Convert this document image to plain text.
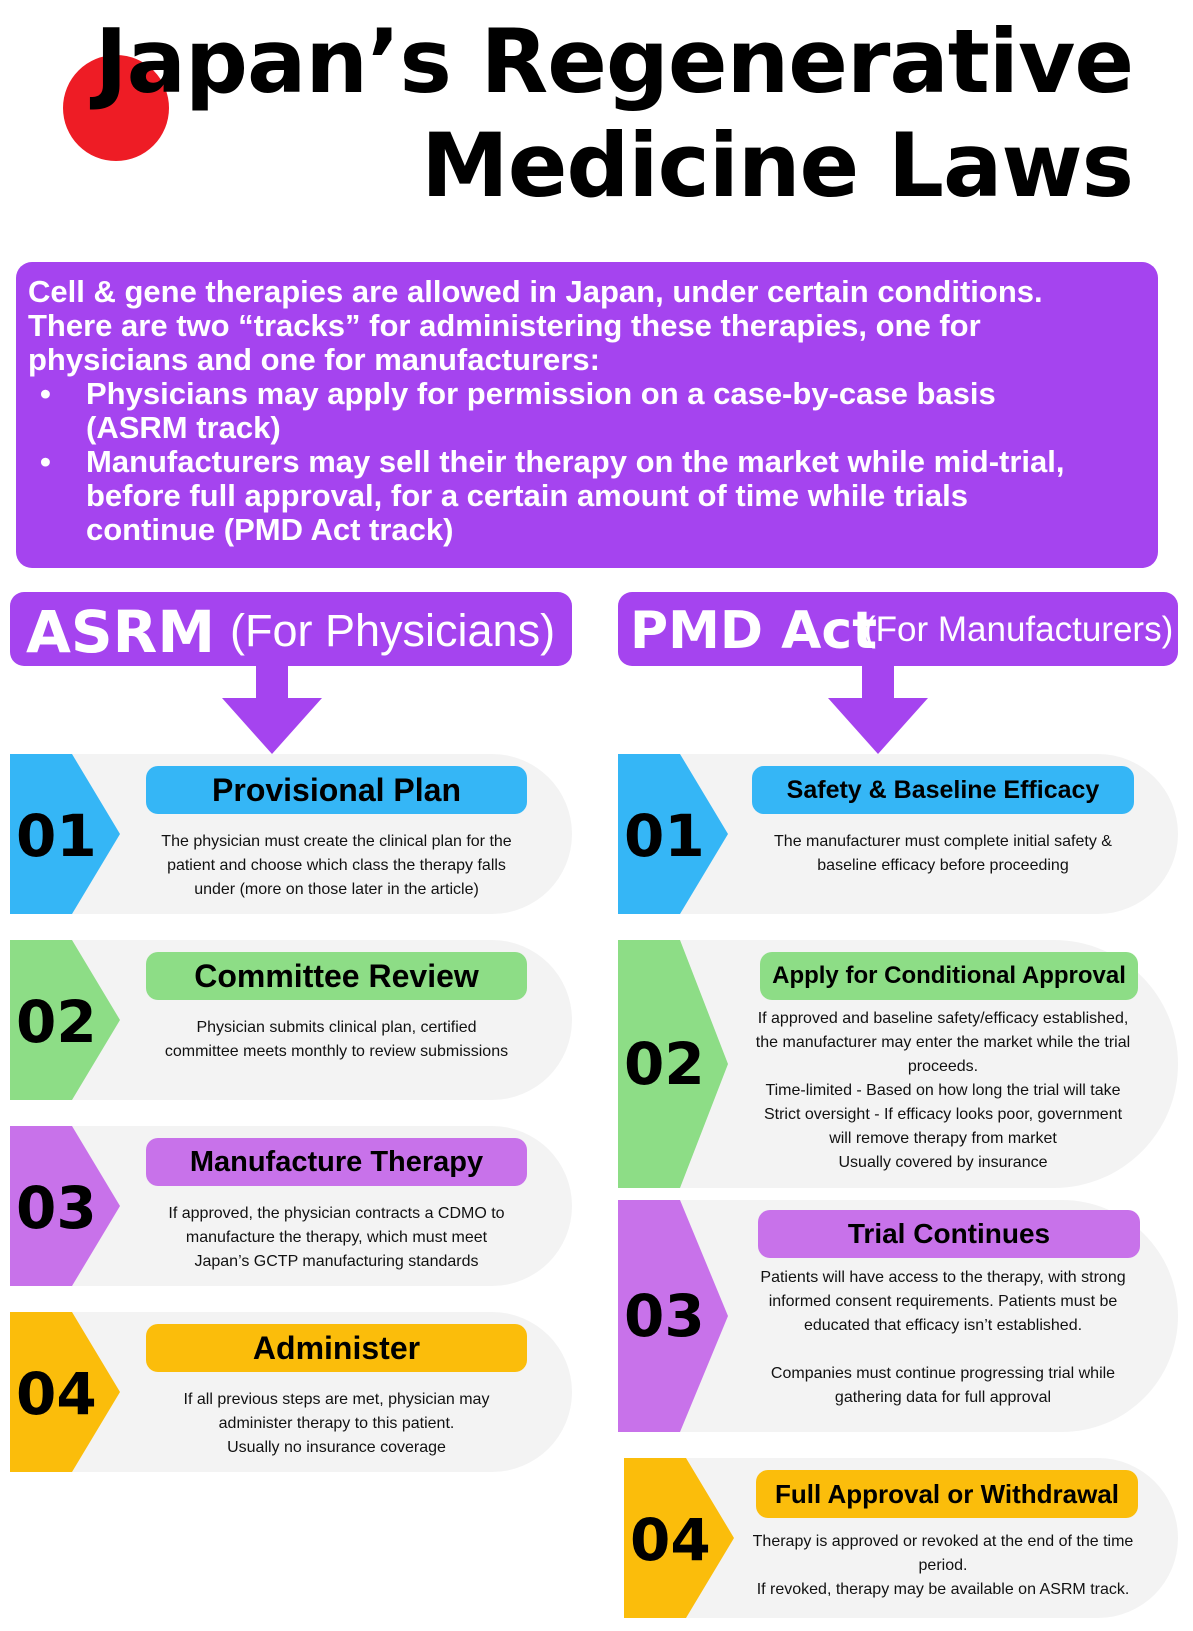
Japan’s Regenerative
Medicine Laws
Cell & gene therapies are allowed in Japan, under certain conditions.
There are two “tracks” for administering these therapies, one for
physicians and one for manufacturers:
• Physicians may apply for permission on a case-by-case basis
(ASRM track)
• Manufacturers may sell their therapy on the market while mid-trial,
before full approval, for a certain amount of time while trials
continue (PMD Act track)
ASRM (For Physicians) PMD Act
(For Manufacturers)
01
Provisional Plan
The physician must create the clinical plan for the
patient and choose which class the therapy falls
under (more on those later in the article)
02
Committee Review
Physician submits clinical plan, certified
committee meets monthly to review submissions
03
Manufacture Therapy
If approved, the physician contracts a CDMO to
manufacture the therapy, which must meet
Japan’s GCTP manufacturing standards
04
Administer
If all previous steps are met, physician may
administer therapy to this patient.
Usually no insurance coverage
01
Safety & Baseline Efficacy
The manufacturer must complete initial safety &
baseline efficacy before proceeding
02
Apply for Conditional Approval
If approved and baseline safety/efficacy established,
the manufacturer may enter the market while the trial
proceeds.
Time-limited - Based on how long the trial will take
Strict oversight - If efficacy looks poor, government
will remove therapy from market
Usually covered by insurance
03
Trial Continues
Patients will have access to the therapy, with strong
informed consent requirements. Patients must be
educated that efficacy isn’t established.
Companies must continue progressing trial while
gathering data for full approval
04
Full Approval or Withdrawal
Therapy is approved or revoked at the end of the time
period.
If revoked, therapy may be available on ASRM track.
